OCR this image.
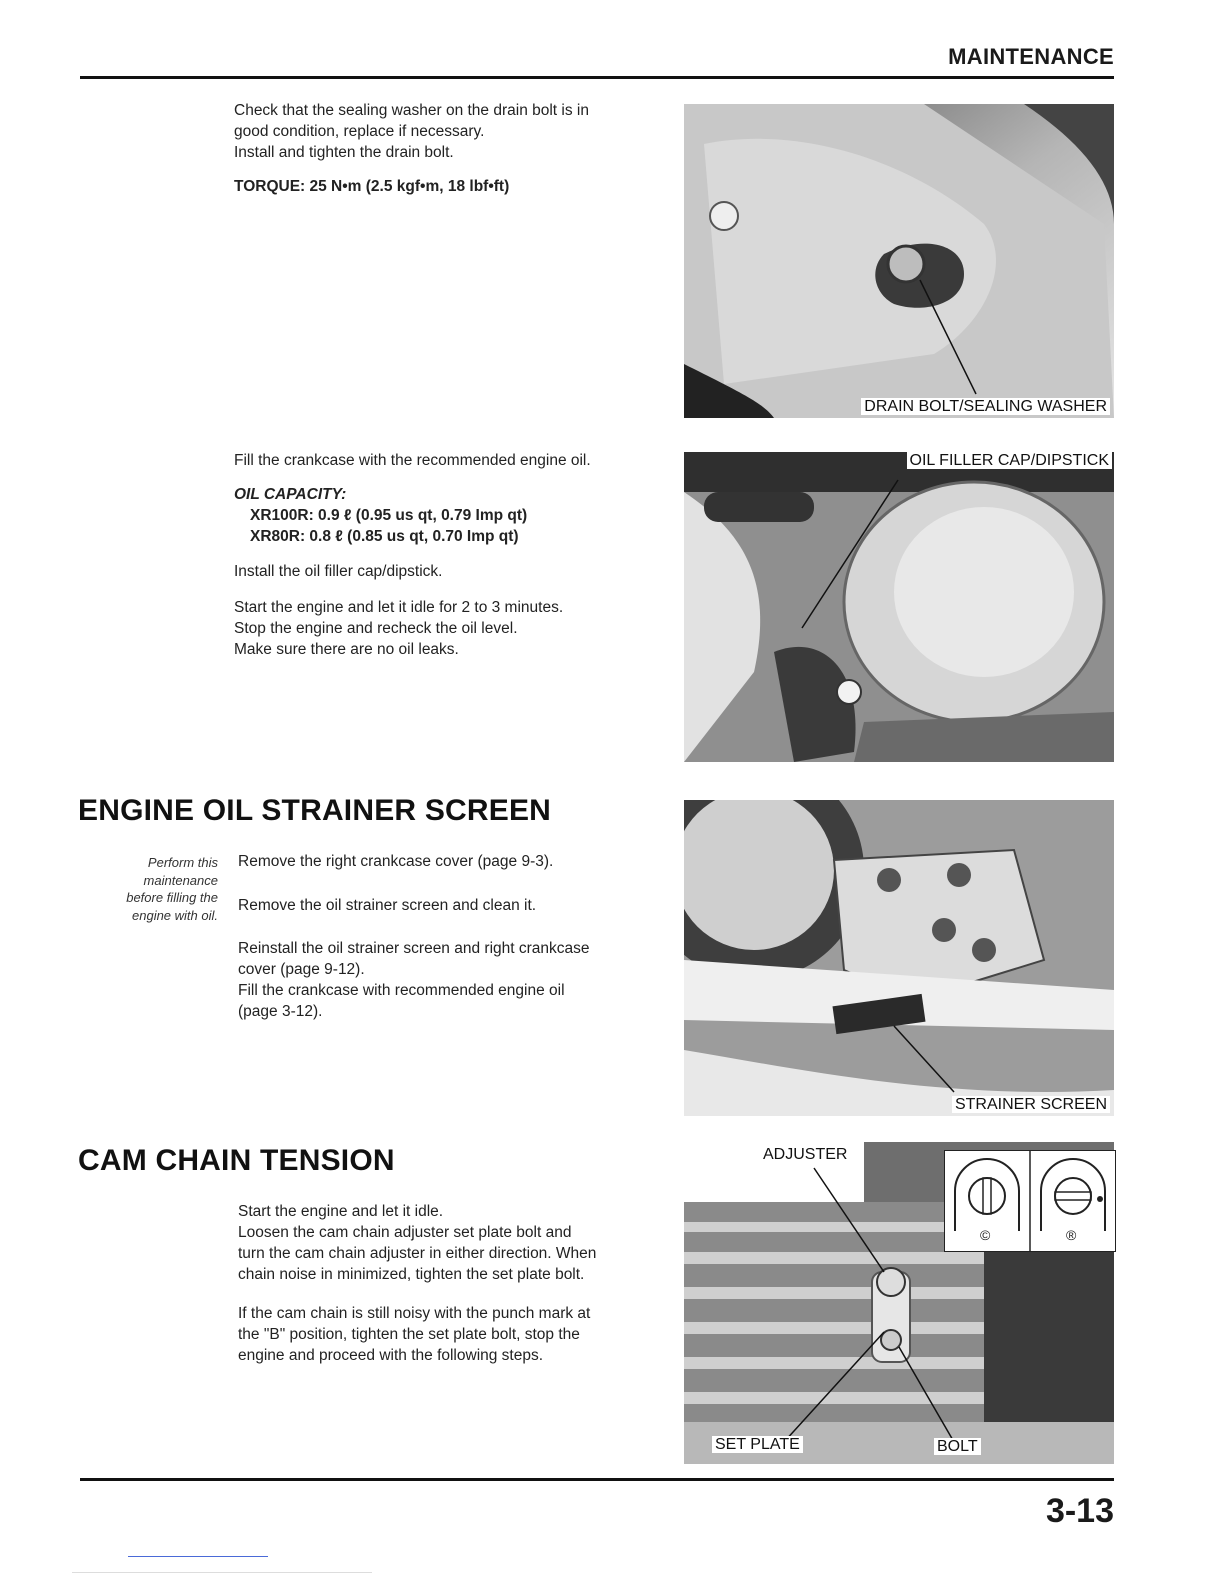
MAINTENANCE

Check that the sealing washer on the drain bolt is in

good condition, replace if necessary.

Install and tighten the drain bolt.

TORQUE: 25 N•m (2.5 kgf•m, 18 lbf•ft)

DRAIN BOLT/SEALING WASHER

Fill the crankcase with the recommended engine oil.

OIL CAPACITY:

XR100R: 0.9 ℓ (0.95 us qt, 0.79 Imp qt)

XR80R: 0.8 ℓ (0.85 us qt, 0.70 Imp qt)

Install the oil filler cap/dipstick.

Start the engine and let it idle for 2 to 3 minutes.

Stop the engine and recheck the oil level.

Make sure there are no oil leaks.

OIL FILLER CAP/DIPSTICK
ENGINE OIL STRAINER SCREEN
Perform this
maintenance
before filling the
engine with oil.

Remove the right crankcase cover (page 9-3).

Remove the oil strainer screen and clean it.

Reinstall the oil strainer screen and right crankcase

cover (page 9-12).

Fill the crankcase with recommended engine oil

(page 3-12).

STRAINER SCREEN
CAM CHAIN TENSION

Start the engine and let it idle.

Loosen the cam chain adjuster set plate bolt and

turn the cam chain adjuster in either direction. When

chain noise in minimized, tighten the set plate bolt.

If the cam chain is still noisy with the punch mark at

the "B" position, tighten the set plate bolt, stop the

engine and proceed with the following steps.

©	®
ADJUSTER
SET PLATE	BOLT
3-13
